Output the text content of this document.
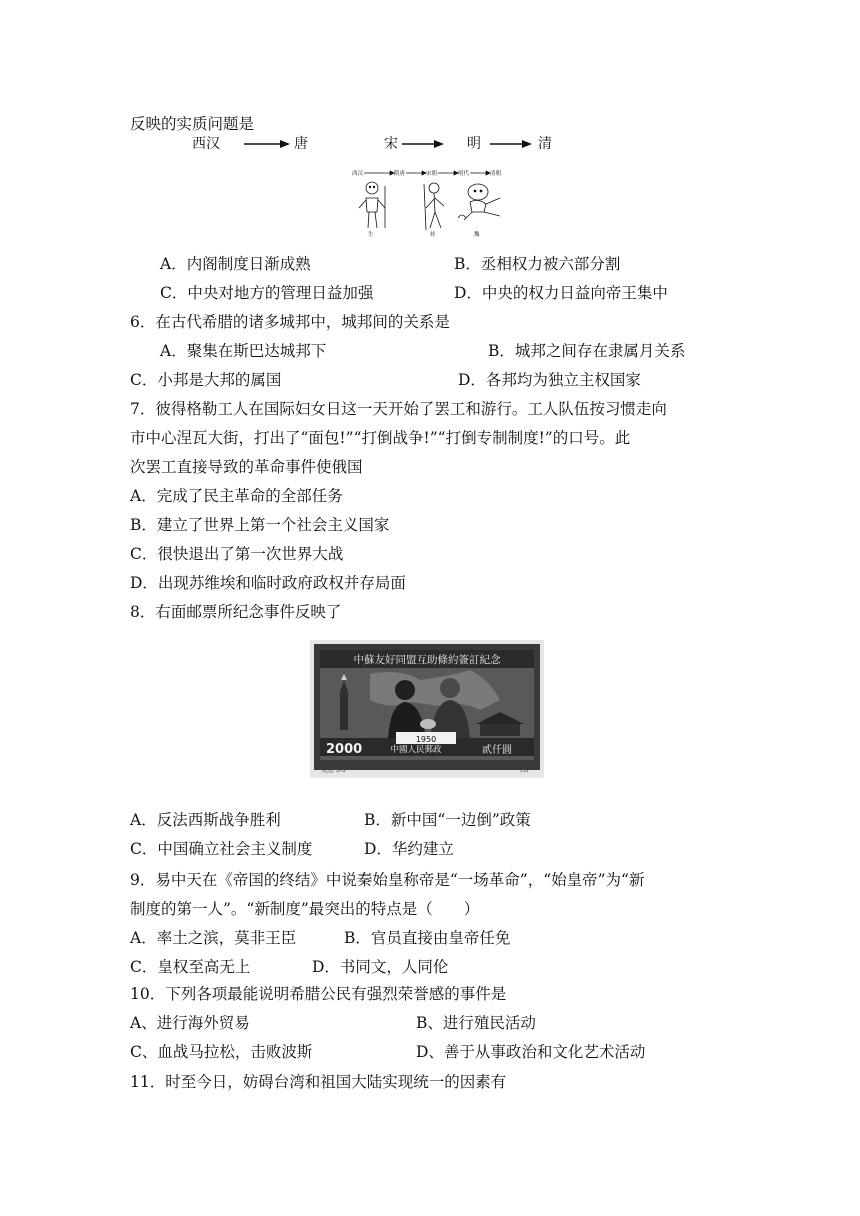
反映的实质问题是
西汉	唐	宋	明	清
西汉	隋唐	宋朝	明代	清朝
生	娃	魏
A．内阁制度日渐成熟	B．丞相权力被六部分割
C．中央对地方的管理日益加强	D．中央的权力日益向帝王集中
6．在古代希腊的诸多城邦中，城邦间的关系是
A．聚集在斯巴达城邦下	B．城邦之间存在隶属月关系
C．小邦是大邦的属国	D．各邦均为独立主权国家
7．彼得格勒工人在国际妇女日这一天开始了罢工和游行。工人队伍按习惯走向
市中心涅瓦大街，打出了“面包!”“打倒战争!”“打倒专制制度!”的口号。此
次罢工直接导致的革命事件使俄国
A．完成了民主革命的全部任务
B．建立了世界上第一个社会主义国家
C．很快退出了第一次世界大战
D．出现苏维埃和临时政府政权并存局面
8．右面邮票所纪念事件反映了
中蘇友好同盟互助條約簽訂紀念
1950
2000	中國人民郵政	貳仟圓
紀念 3-3	(5)
A．反法西斯战争胜利	B．新中国“一边倒”政策
C．中国确立社会主义制度	D．华约建立
9．易中天在《帝国的终结》中说秦始皇称帝是“一场革命”，“始皇帝”为“新
制度的第一人”。“新制度”最突出的特点是（　　）
A．率土之滨，莫非王臣	B．官员直接由皇帝任免
C．皇权至高无上	D．书同文，人同伦
10．下列各项最能说明希腊公民有强烈荣誉感的事件是
A、进行海外贸易	B、进行殖民活动
C、血战马拉松，击败波斯	D、善于从事政治和文化艺术活动
11．时至今日，妨碍台湾和祖国大陆实现统一的因素有
